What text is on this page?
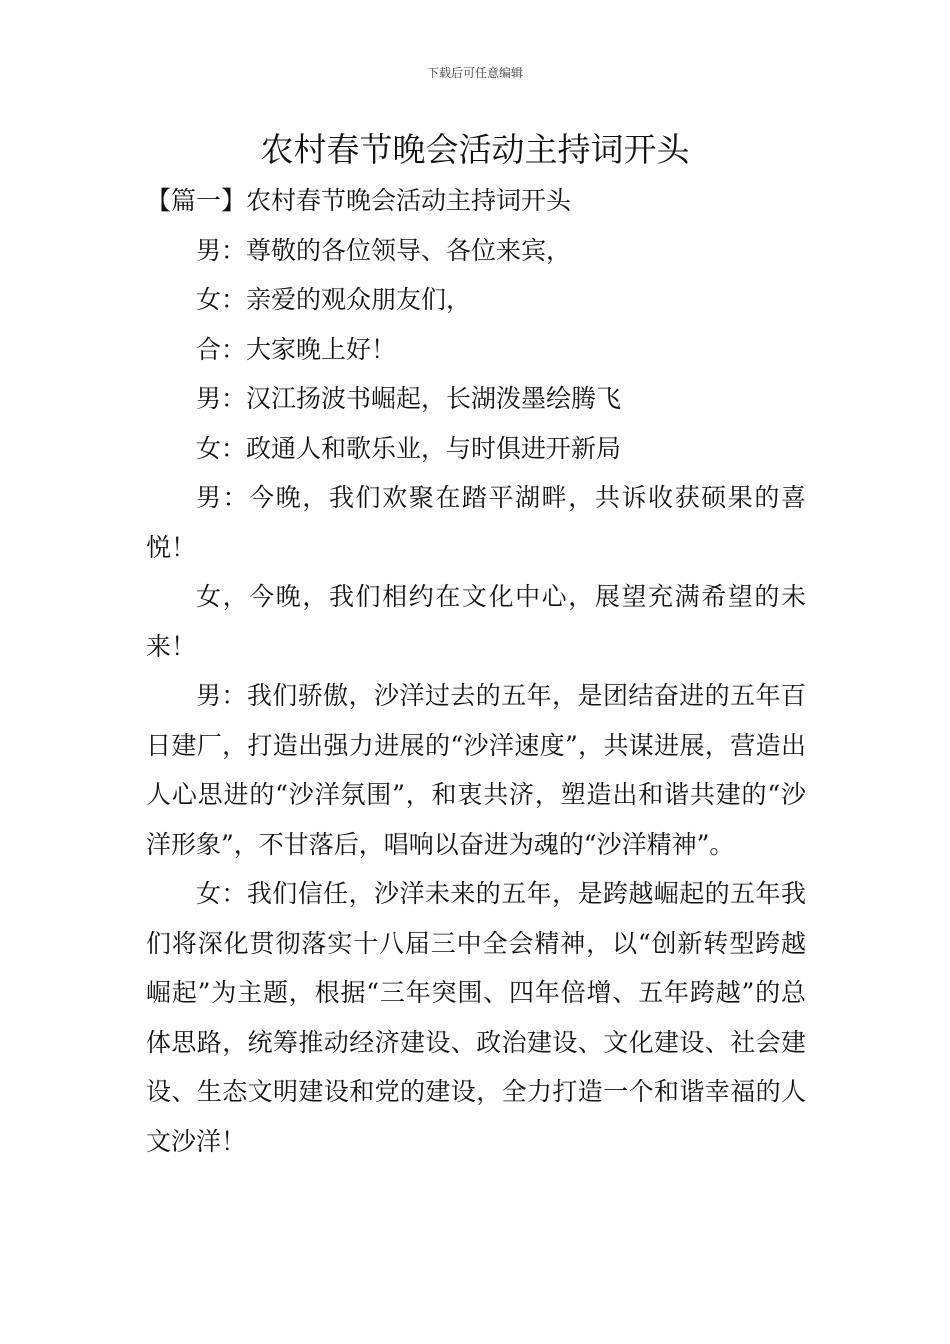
下载后可任意编辑
农村春节晚会活动主持词开头

【篇一】农村春节晚会活动主持词开头

男：尊敬的各位领导、各位来宾，

女：亲爱的观众朋友们，

合：大家晚上好！

男：汉江扬波书崛起，长湖泼墨绘腾飞

女：政通人和歌乐业，与时俱进开新局

男：今晚，我们欢聚在踏平湖畔，共诉收获硕果的喜悦！

女，今晚，我们相约在文化中心，展望充满希望的未来！

男：我们骄傲，沙洋过去的五年，是团结奋进的五年百日建厂，打造出强力进展的“沙洋速度”，共谋进展，营造出人心思进的“沙洋氛围”，和衷共济，塑造出和谐共建的“沙洋形象”，不甘落后，唱响以奋进为魂的“沙洋精神”。

女：我们信任，沙洋未来的五年，是跨越崛起的五年我们将深化贯彻落实十八届三中全会精神，以“创新转型跨越崛起”为主题，根据“三年突围、四年倍增、五年跨越”的总体思路，统筹推动经济建设、政治建设、文化建设、社会建设、生态文明建设和党的建设，全力打造一个和谐幸福的人文沙洋！
